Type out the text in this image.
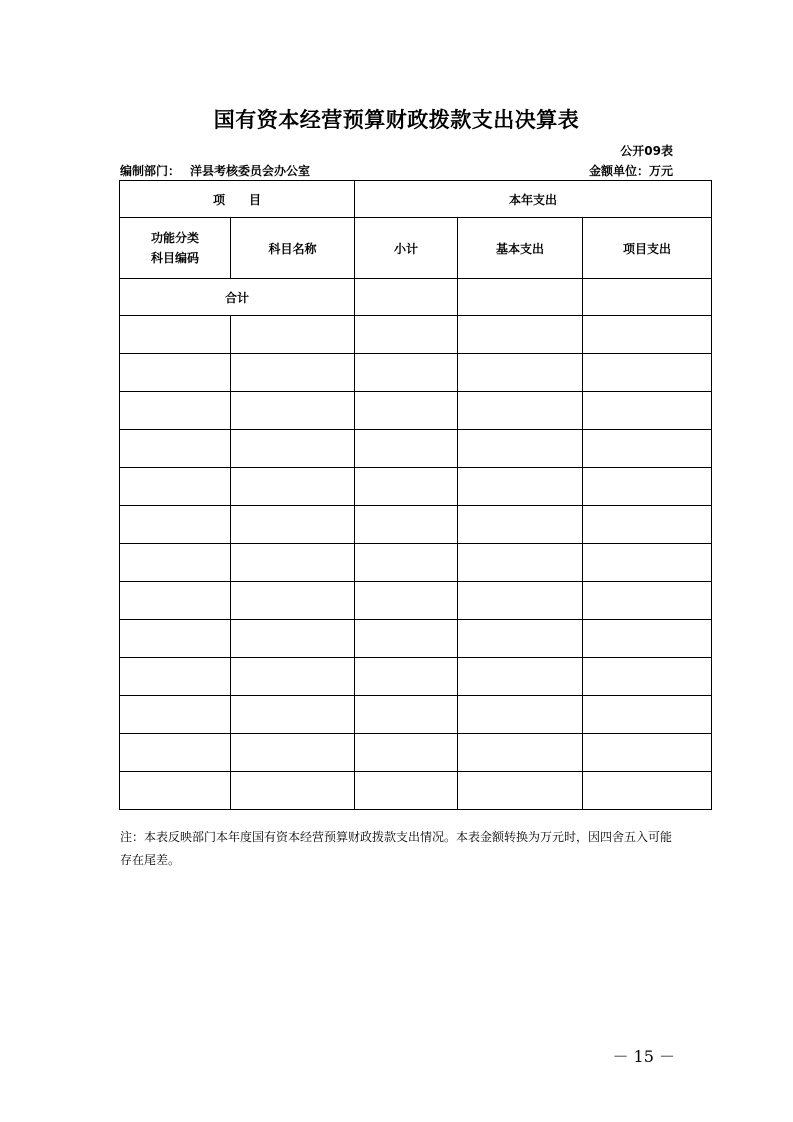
国有资本经营预算财政拨款支出决算表
公开09表
编制部门： 洋县考核委员会办公室	金额单位：万元
项　　目		本年支出		

功能分类
科目编码	科目名称	小计	基本支出	项目支出
合计				

注：本表反映部门本年度国有资本经营预算财政拨款支出情况。本表金额转换为万元时，因四舍五入可能存在尾差。
－ 15 －
